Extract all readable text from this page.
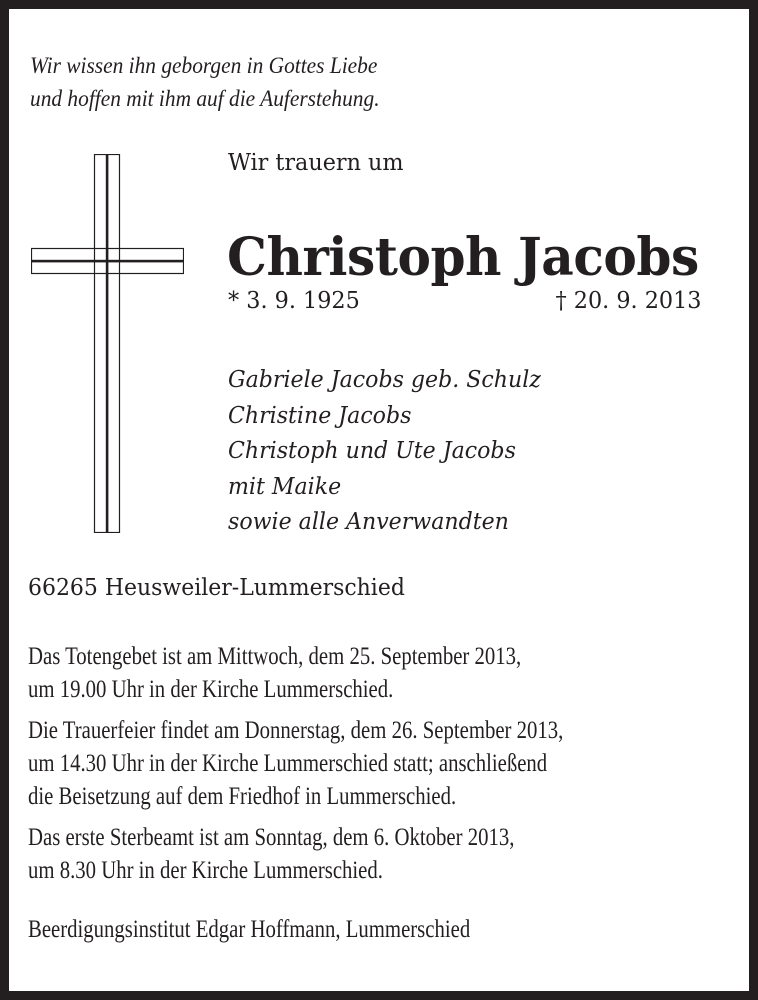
Wir wissen ihn geborgen in Gottes Liebe
und hoffen mit ihm auf die Auferstehung.
Wir trauern um
Christoph Jacobs
* 3. 9. 1925	† 20. 9. 2013
Gabriele Jacobs geb. Schulz
Christine Jacobs
Christoph und Ute Jacobs
mit Maike
sowie alle Anverwandten
66265 Heusweiler-Lummerschied
Das Totengebet ist am Mittwoch, dem 25. September 2013,
um 19.00 Uhr in der Kirche Lummerschied.
Die Trauerfeier findet am Donnerstag, dem 26. September 2013,
um 14.30 Uhr in der Kirche Lummerschied statt; anschließend
die Beisetzung auf dem Friedhof in Lummerschied.
Das erste Sterbeamt ist am Sonntag, dem 6. Oktober 2013,
um 8.30 Uhr in der Kirche Lummerschied.
Beerdigungsinstitut Edgar Hoffmann, Lummerschied
